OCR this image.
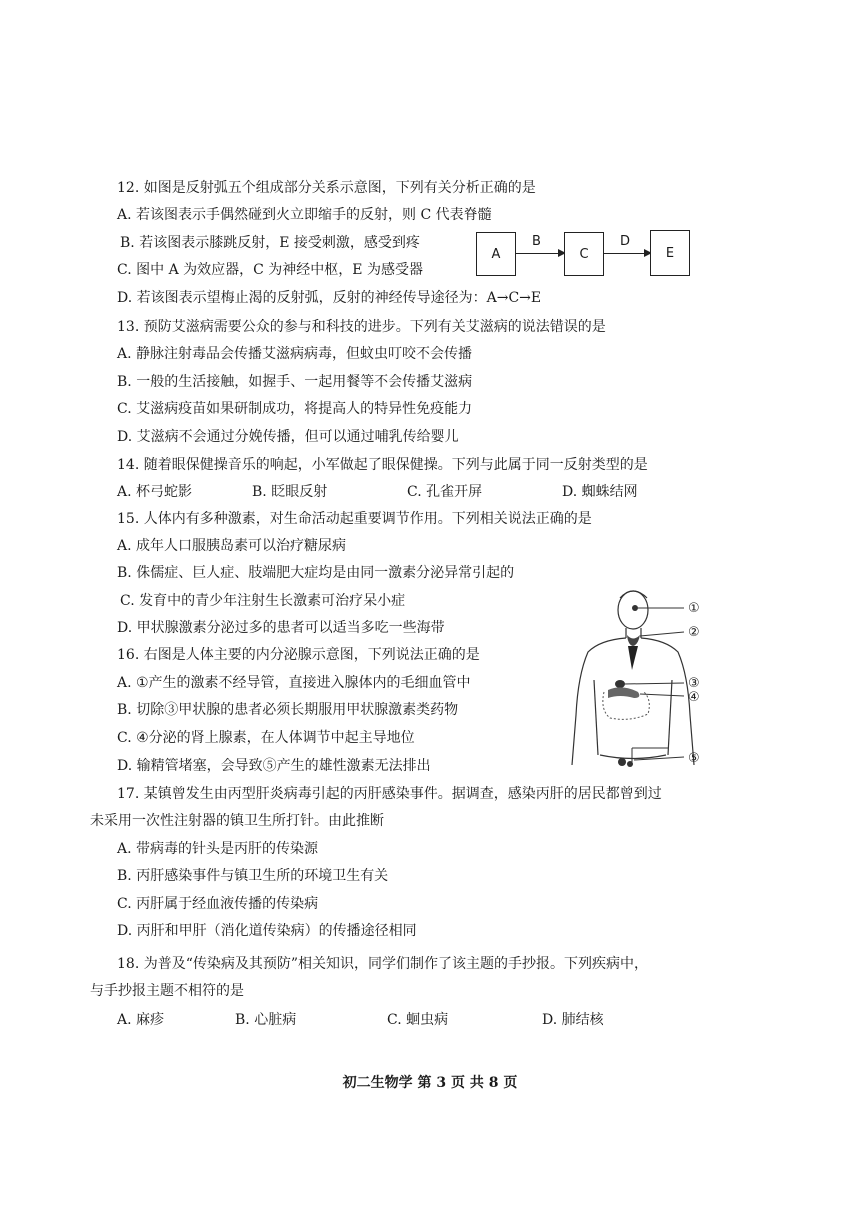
12. 如图是反射弧五个组成部分关系示意图，下列有关分析正确的是
A. 若该图表示手偶然碰到火立即缩手的反射，则 C 代表脊髓
B. 若该图表示膝跳反射，E 接受刺激，感受到疼
C. 图中 A 为效应器，C 为神经中枢，E 为感受器
D. 若该图表示望梅止渴的反射弧，反射的神经传导途径为：A→C→E
A
B
C
D
E
13. 预防艾滋病需要公众的参与和科技的进步。下列有关艾滋病的说法错误的是
A. 静脉注射毒品会传播艾滋病病毒，但蚊虫叮咬不会传播
B. 一般的生活接触，如握手、一起用餐等不会传播艾滋病
C. 艾滋病疫苗如果研制成功，将提高人的特异性免疫能力
D. 艾滋病不会通过分娩传播，但可以通过哺乳传给婴儿
14. 随着眼保健操音乐的响起，小军做起了眼保健操。下列与此属于同一反射类型的是
A. 杯弓蛇影	B. 眨眼反射	C. 孔雀开屏	D. 蜘蛛结网
15. 人体内有多种激素，对生命活动起重要调节作用。下列相关说法正确的是
A. 成年人口服胰岛素可以治疗糖尿病
B. 侏儒症、巨人症、肢端肥大症均是由同一激素分泌异常引起的
C. 发育中的青少年注射生长激素可治疗呆小症
D. 甲状腺激素分泌过多的患者可以适当多吃一些海带
16. 右图是人体主要的内分泌腺示意图，下列说法正确的是
A. ①产生的激素不经导管，直接进入腺体内的毛细血管中
B. 切除③甲状腺的患者必须长期服用甲状腺激素类药物
C. ④分泌的肾上腺素，在人体调节中起主导地位
D. 输精管堵塞，会导致⑤产生的雄性激素无法排出
①
②
③
④
⑤
17. 某镇曾发生由丙型肝炎病毒引起的丙肝感染事件。据调查，感染丙肝的居民都曾到过
未采用一次性注射器的镇卫生所打针。由此推断
A. 带病毒的针头是丙肝的传染源
B. 丙肝感染事件与镇卫生所的环境卫生有关
C. 丙肝属于经血液传播的传染病
D. 丙肝和甲肝（消化道传染病）的传播途径相同
18. 为普及“传染病及其预防”相关知识，同学们制作了该主题的手抄报。下列疾病中，
与手抄报主题不相符的是
A. 麻疹	B. 心脏病	C. 蛔虫病	D. 肺结核
初二生物学 第 3 页 共 8 页
